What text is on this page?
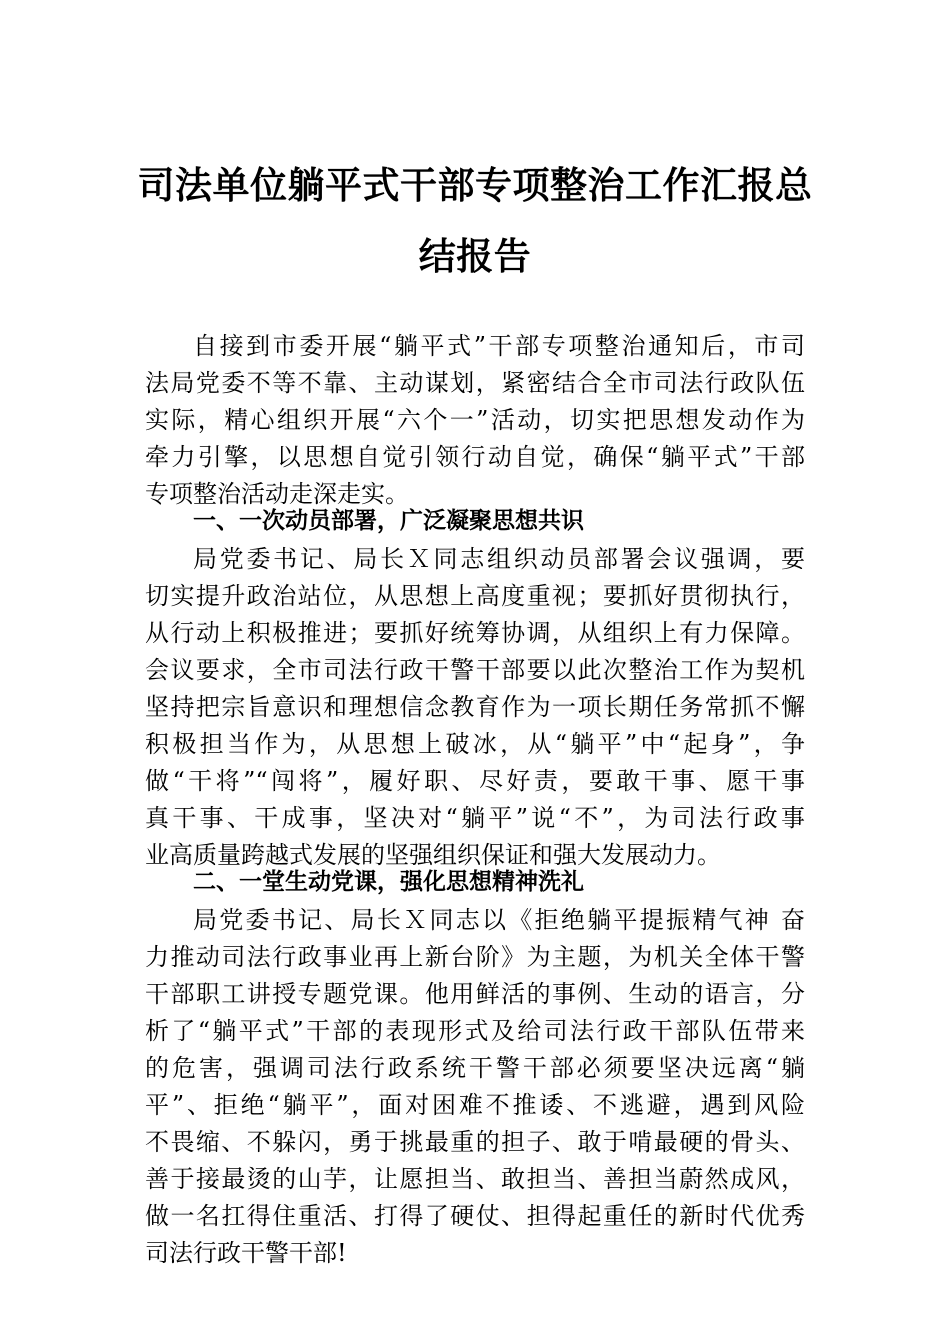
司法单位躺平式干部专项整治工作汇报总
结报告
自接到市委开展“躺平式”干部专项整治通知后，市司
法局党委不等不靠、主动谋划，紧密结合全市司法行政队伍
实际，精心组织开展“六个一”活动，切实把思想发动作为
牵力引擎，以思想自觉引领行动自觉，确保“躺平式”干部
专项整治活动走深走实。
一、一次动员部署，广泛凝聚思想共识
局党委书记、局长Ｘ同志组织动员部署会议强调，要
切实提升政治站位，从思想上高度重视；要抓好贯彻执行，
从行动上积极推进；要抓好统筹协调，从组织上有力保障。
会议要求，全市司法行政干警干部要以此次整治工作为契机
坚持把宗旨意识和理想信念教育作为一项长期任务常抓不懈
积极担当作为，从思想上破冰，从“躺平”中“起身”，争
做“干将”“闯将”，履好职、尽好责，要敢干事、愿干事
真干事、干成事，坚决对“躺平”说“不”，为司法行政事
业高质量跨越式发展的坚强组织保证和强大发展动力。
二、一堂生动党课，强化思想精神洗礼
局党委书记、局长Ｘ同志以《拒绝躺平提振精气神 奋
力推动司法行政事业再上新台阶》为主题，为机关全体干警
干部职工讲授专题党课。他用鲜活的事例、生动的语言，分
析了“躺平式”干部的表现形式及给司法行政干部队伍带来
的危害，强调司法行政系统干警干部必须要坚决远离“躺
平”、拒绝“躺平”，面对困难不推诿、不逃避，遇到风险
不畏缩、不躲闪，勇于挑最重的担子、敢于啃最硬的骨头、
善于接最烫的山芋，让愿担当、敢担当、善担当蔚然成风，
做一名扛得住重活、打得了硬仗、担得起重任的新时代优秀
司法行政干警干部!
